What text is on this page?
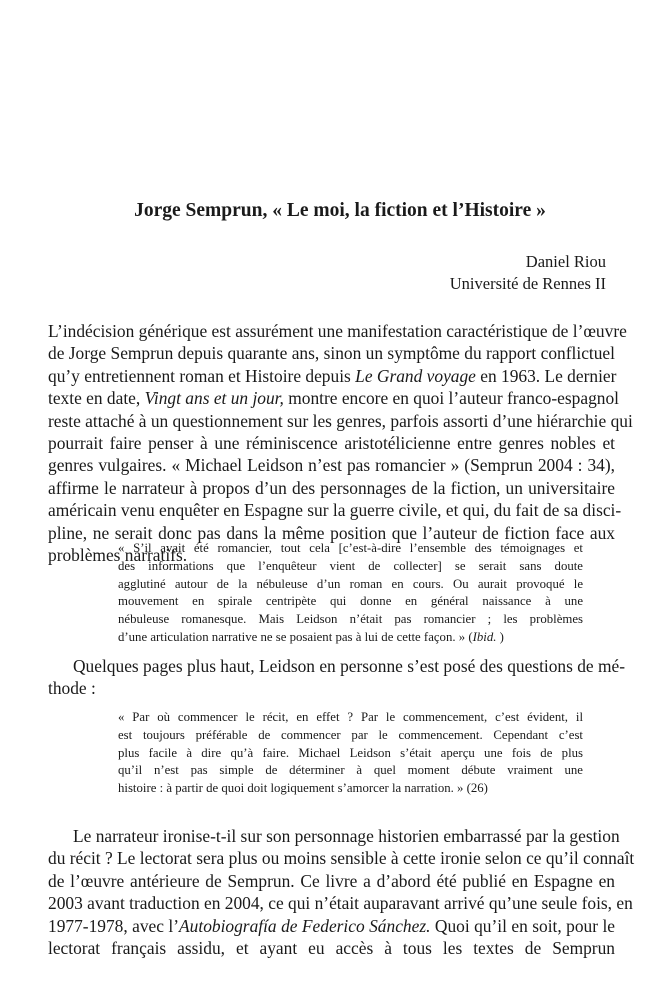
Jorge Semprun, « Le moi, la fiction et l’Histoire »
Daniel Riou
Université de Rennes II
L’indécision générique est assurément une manifestation caractéristique de l’œuvre
de Jorge Semprun depuis quarante ans, sinon un symptôme du rapport conflictuel
qu’y entretiennent roman et Histoire depuis Le Grand voyage en 1963. Le dernier
texte en date, Vingt ans et un jour, montre encore en quoi l’auteur franco-espagnol
reste attaché à un questionnement sur les genres, parfois assorti d’une hiérarchie qui
pourrait faire penser à une réminiscence aristotélicienne entre genres nobles et
genres vulgaires. « Michael Leidson n’est pas romancier » (Semprun 2004 : 34),
affirme le narrateur à propos d’un des personnages de la fiction, un universitaire
américain venu enquêter en Espagne sur la guerre civile, et qui, du fait de sa disci-
pline, ne serait donc pas dans la même position que l’auteur de fiction face aux
problèmes narratifs.
« S’il avait été romancier, tout cela [c’est-à-dire l’ensemble des témoignages et
des informations que l’enquêteur vient de collecter] se serait sans doute
agglutiné autour de la nébuleuse d’un roman en cours. Ou aurait provoqué le
mouvement en spirale centripète qui donne en général naissance à une
nébuleuse romanesque. Mais Leidson n’était pas romancier ; les problèmes
d’une articulation narrative ne se posaient pas à lui de cette façon. » (Ibid. )
Quelques pages plus haut, Leidson en personne s’est posé des questions de mé-
thode :
« Par où commencer le récit, en effet ? Par le commencement, c’est évident, il
est toujours préférable de commencer par le commencement. Cependant c’est
plus facile à dire qu’à faire. Michael Leidson s’était aperçu une fois de plus
qu’il n’est pas simple de déterminer à quel moment débute vraiment une
histoire : à partir de quoi doit logiquement s’amorcer la narration. » (26)
Le narrateur ironise-t-il sur son personnage historien embarrassé par la gestion
du récit ? Le lectorat sera plus ou moins sensible à cette ironie selon ce qu’il connaît
de l’œuvre antérieure de Semprun. Ce livre a d’abord été publié en Espagne en
2003 avant traduction en 2004, ce qui n’était auparavant arrivé qu’une seule fois, en
1977-1978, avec l’Autobiografía de Federico Sánchez. Quoi qu’il en soit, pour le
lectorat français assidu, et ayant eu accès à tous les textes de Semprun
